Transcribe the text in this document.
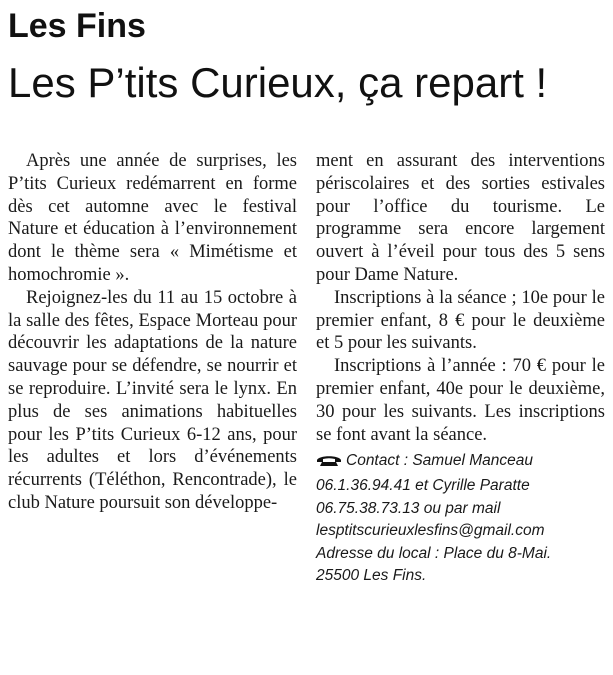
Les Fins
Les P’tits Curieux, ça repart !

Après une année de surprises, les P’tits Curieux redémarrent en forme dès cet automne avec le festival Nature et éducation à l’environnement dont le thème sera « Mimétisme et homochromie ».

Rejoignez-les du 11 au 15 octobre à la salle des fêtes, Espace Morteau pour découvrir les adaptations de la nature sauvage pour se défendre, se nourrir et se reproduire. L’invité sera le lynx. En plus de ses animations habituelles pour les P’tits Curieux 6-12 ans, pour les adultes et lors d’événements récurrents (Téléthon, Rencontrade), le club Nature poursuit son développe-

ment en assurant des interventions périscolaires et des sorties estivales pour l’office du tourisme. Le programme sera encore largement ouvert à l’éveil pour tous des 5 sens pour Dame Nature.

Inscriptions à la séance ; 10e pour le premier enfant, 8 € pour le deuxième et 5 pour les suivants.

Inscriptions à l’année : 70 € pour le premier enfant, 40e pour le deuxième, 30 pour les suivants. Les inscriptions se font avant la séance.

Contact : Samuel Manceau
06.1.36.94.41 et Cyrille Paratte
06.75.38.73.13 ou par mail
lesptitscurieuxlesfins@gmail.com
Adresse du local : Place du 8-Mai.
25500 Les Fins.
